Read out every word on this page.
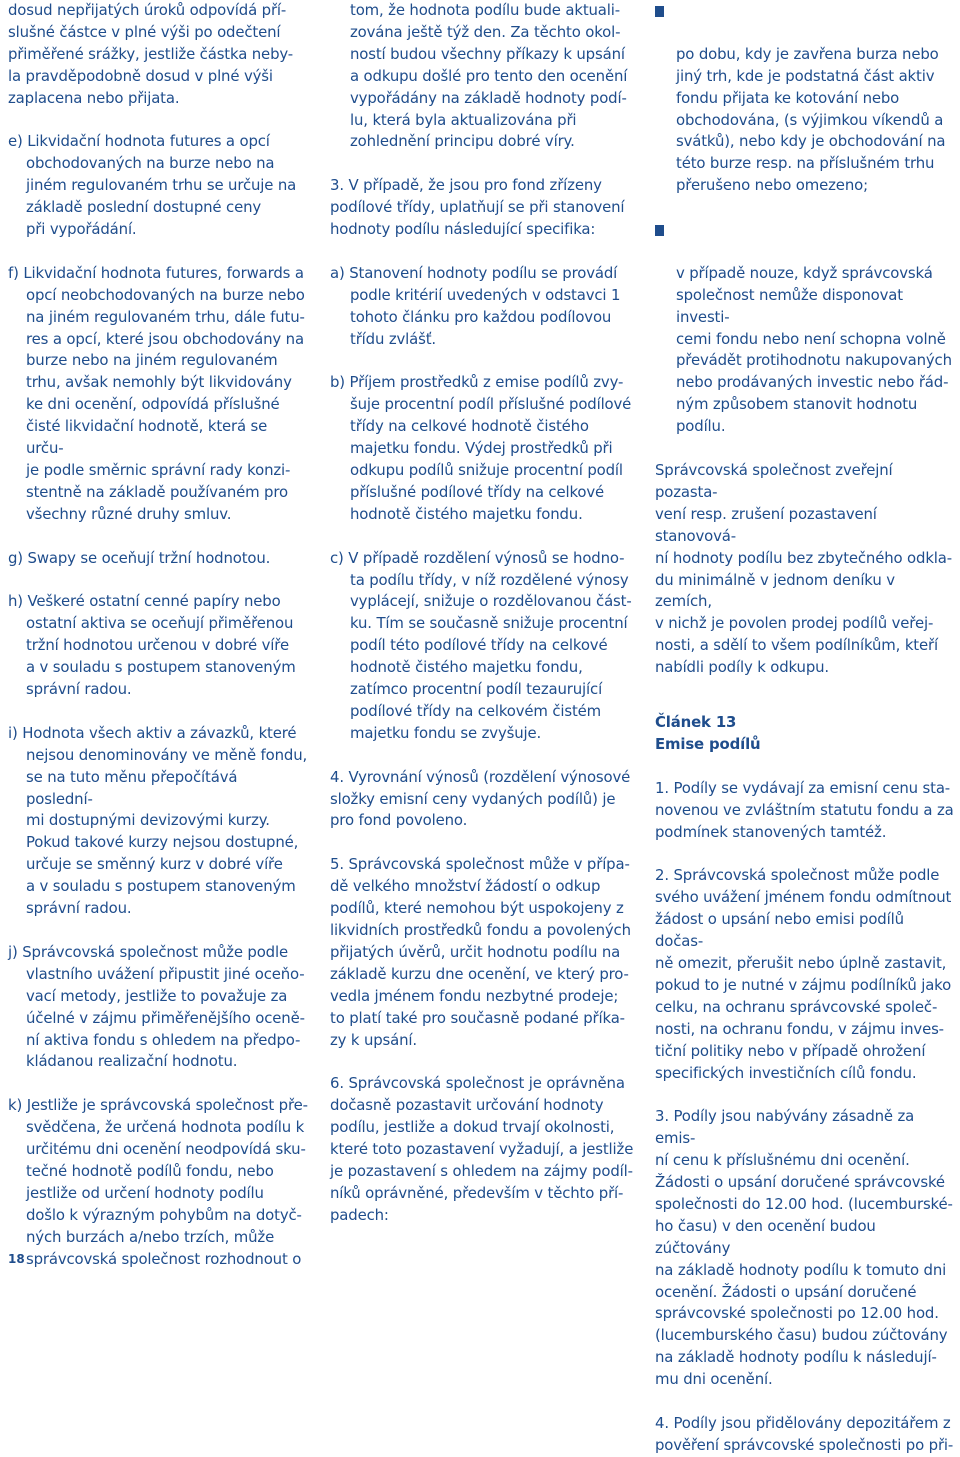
dosud nepřijatých úroků odpovídá pří-
slušné částce v plné výši po odečtení
přiměřené srážky, jestliže částka neby-
la pravděpodobně dosud v plné výši
zaplacena nebo přijata.

e) Likvidační hodnota futures a opcí
obchodovaných na burze nebo na
jiném regulovaném trhu se určuje na
základě poslední dostupné ceny
při vypořádání.

f) Likvidační hodnota futures, forwards a
opcí neobchodovaných na burze nebo
na jiném regulovaném trhu, dále futu-
res a opcí, které jsou obchodovány na
burze nebo na jiném regulovaném
trhu, avšak nemohly být likvidovány
ke dni ocenění, odpovídá příslušné
čisté likvidační hodnotě, která se urču-
je podle směrnic správní rady konzi-
stentně na základě používaném pro
všechny různé druhy smluv.

g) Swapy se oceňují tržní hodnotou.

h) Veškeré ostatní cenné papíry nebo
ostatní aktiva se oceňují přiměřenou
tržní hodnotou určenou v dobré víře
a v souladu s postupem stanoveným
správní radou.

i) Hodnota všech aktiv a závazků, které
nejsou denominovány ve měně fondu,
se na tuto měnu přepočítává poslední-
mi dostupnými devizovými kurzy.
Pokud takové kurzy nejsou dostupné,
určuje se směnný kurz v dobré víře
a v souladu s postupem stanoveným
správní radou.

j) Správcovská společnost může podle
vlastního uvážení připustit jiné oceňo-
vací metody, jestliže to považuje za
účelné v zájmu přiměřenějšího oceně-
ní aktiva fondu s ohledem na předpo-
kládanou realizační hodnotu.

k) Jestliže je správcovská společnost pře-
svědčena, že určená hodnota podílu k
určitému dni ocenění neodpovídá sku-
tečné hodnotě podílů fondu, nebo
jestliže od určení hodnoty podílu
došlo k výrazným pohybům na dotyč-
ných burzách a/nebo trzích, může
správcovská společnost rozhodnout o

tom, že hodnota podílu bude aktuali-
zována ještě týž den. Za těchto okol-
ností budou všechny příkazy k upsání
a odkupu došlé pro tento den ocenění
vypořádány na základě hodnoty podí-
lu, která byla aktualizována při
zohlednění principu dobré víry.

3. V případě, že jsou pro fond zřízeny
podílové třídy, uplatňují se při stanovení
hodnoty podílu následující specifika:

a) Stanovení hodnoty podílu se provádí
podle kritérií uvedených v odstavci 1
tohoto článku pro každou podílovou
třídu zvlášť.

b) Příjem prostředků z emise podílů zvy-
šuje procentní podíl příslušné podílové
třídy na celkové hodnotě čistého
majetku fondu. Výdej prostředků při
odkupu podílů snižuje procentní podíl
příslušné podílové třídy na celkové
hodnotě čistého majetku fondu.

c) V případě rozdělení výnosů se hodno-
ta podílu třídy, v níž rozdělené výnosy
vyplácejí, snižuje o rozdělovanou část-
ku. Tím se současně snižuje procentní
podíl této podílové třídy na celkové
hodnotě čistého majetku fondu,
zatímco procentní podíl tezaurující
podílové třídy na celkovém čistém
majetku fondu se zvyšuje.

4. Vyrovnání výnosů (rozdělení výnosové
složky emisní ceny vydaných podílů) je
pro fond povoleno.

5. Správcovská společnost může v přípa-
dě velkého množství žádostí o odkup
podílů, které nemohou být uspokojeny z
likvidních prostředků fondu a povolených
přijatých úvěrů, určit hodnotu podílu na
základě kurzu dne ocenění, ve který pro-
vedla jménem fondu nezbytné prodeje;
to platí také pro současně podané příka-
zy k upsání.

6. Správcovská společnost je oprávněna
dočasně pozastavit určování hodnoty
podílu, jestliže a dokud trvají okolnosti,
které toto pozastavení vyžadují, a jestliže
je pozastavení s ohledem na zájmy podíl-
níků oprávněné, především v těchto pří-
padech:

po dobu, kdy je zavřena burza nebo
jiný trh, kde je podstatná část aktiv
fondu přijata ke kotování nebo
obchodována, (s výjimkou víkendů a
svátků), nebo kdy je obchodování na
této burze resp. na příslušném trhu
přerušeno nebo omezeno;

v případě nouze, když správcovská
společnost nemůže disponovat investi-
cemi fondu nebo není schopna volně
převádět protihodnotu nakupovaných
nebo prodávaných investic nebo řád-
ným způsobem stanovit hodnotu
podílu.

Správcovská společnost zveřejní pozasta-
vení resp. zrušení pozastavení stanovová-
ní hodnoty podílu bez zbytečného odkla-
du minimálně v jednom deníku v zemích,
v nichž je povolen prodej podílů veřej-
nosti, a sdělí to všem podílníkům, kteří
nabídli podíly k odkupu.

Článek 13
Emise podílů

1. Podíly se vydávají za emisní cenu sta-
novenou ve zvláštním statutu fondu a za
podmínek stanovených tamtéž.

2. Správcovská společnost může podle
svého uvážení jménem fondu odmítnout
žádost o upsání nebo emisi podílů dočas-
ně omezit, přerušit nebo úplně zastavit,
pokud to je nutné v zájmu podílníků jako
celku, na ochranu správcovské společ-
nosti, na ochranu fondu, v zájmu inves-
tiční politiky nebo v případě ohrožení
specifických investičních cílů fondu.

3. Podíly jsou nabývány zásadně za emis-
ní cenu k příslušnému dni ocenění.
Žádosti o upsání doručené správcovské
společnosti do 12.00 hod. (lucemburské-
ho času) v den ocenění budou zúčtovány
na základě hodnoty podílu k tomuto dni
ocenění. Žádosti o upsání doručené
správcovské společnosti po 12.00 hod.
(lucemburského času) budou zúčtovány
na základě hodnoty podílu k následují-
mu dni ocenění.

4. Podíly jsou přidělovány depozitářem z
pověření správcovské společnosti po při-

18
